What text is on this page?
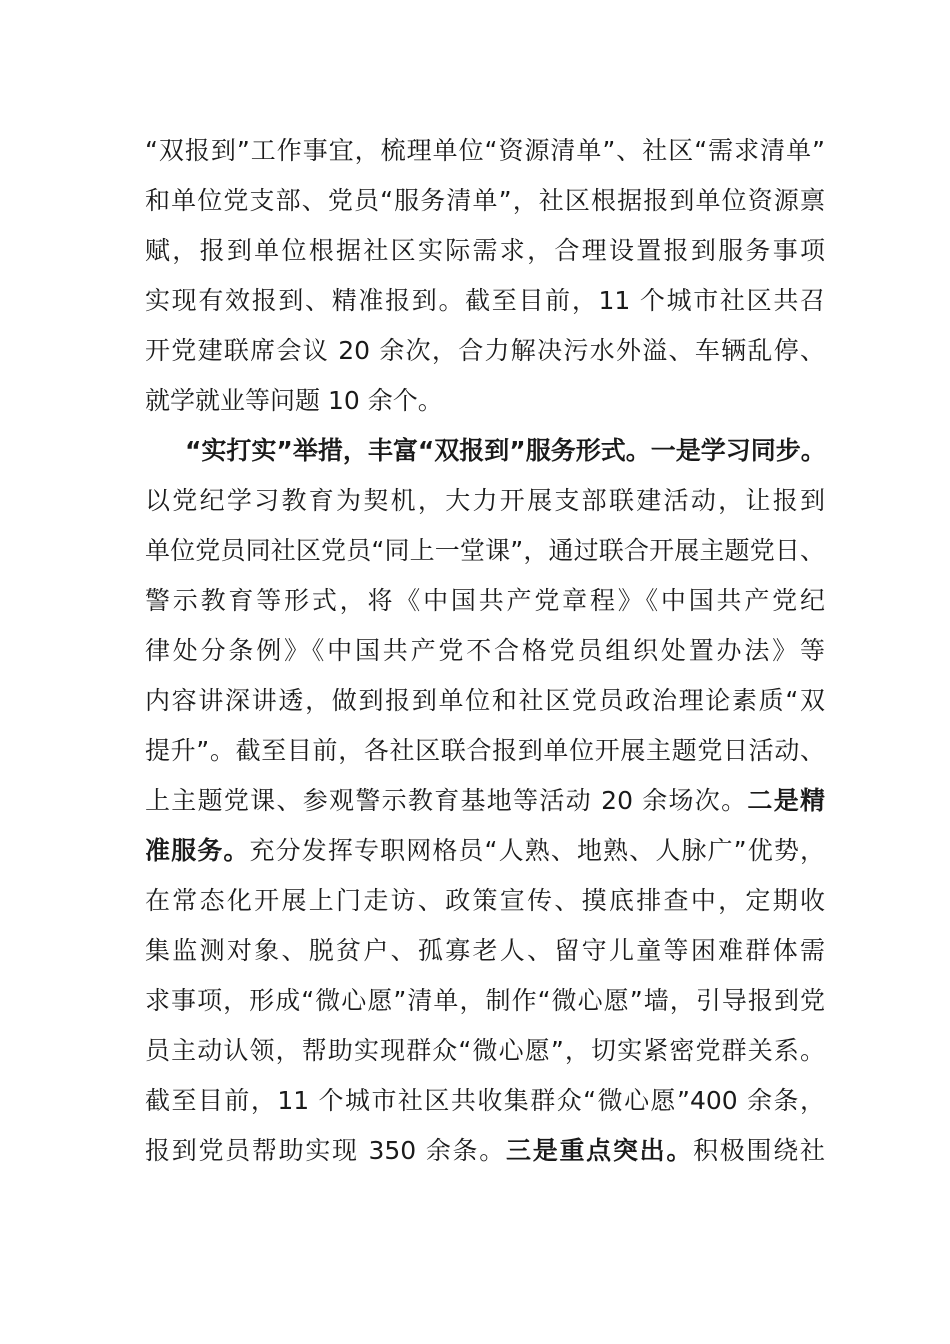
“双报到”工作事宜，梳理单位“资源清单”、社区“需求清单”
和单位党支部、党员“服务清单”，社区根据报到单位资源禀
赋，报到单位根据社区实际需求，合理设置报到服务事项
实现有效报到、精准报到。截至目前，11 个城市社区共召
开党建联席会议 20 余次，合力解决污水外溢、车辆乱停、
就学就业等问题 10 余个。
“实打实”举措，丰富“双报到”服务形式。一是学习同步。
以党纪学习教育为契机，大力开展支部联建活动，让报到
单位党员同社区党员“同上一堂课”，通过联合开展主题党日、
警示教育等形式，将《中国共产党章程》《中国共产党纪
律处分条例》《中国共产党不合格党员组织处置办法》等
内容讲深讲透，做到报到单位和社区党员政治理论素质“双
提升”。截至目前，各社区联合报到单位开展主题党日活动、
上主题党课、参观警示教育基地等活动 20 余场次。二是精
准服务。充分发挥专职网格员“人熟、地熟、人脉广”优势，
在常态化开展上门走访、政策宣传、摸底排查中，定期收
集监测对象、脱贫户、孤寡老人、留守儿童等困难群体需
求事项，形成“微心愿”清单，制作“微心愿”墙，引导报到党
员主动认领，帮助实现群众“微心愿”，切实紧密党群关系。
截至目前，11 个城市社区共收集群众“微心愿”400 余条，
报到党员帮助实现 350 余条。三是重点突出。积极围绕社
